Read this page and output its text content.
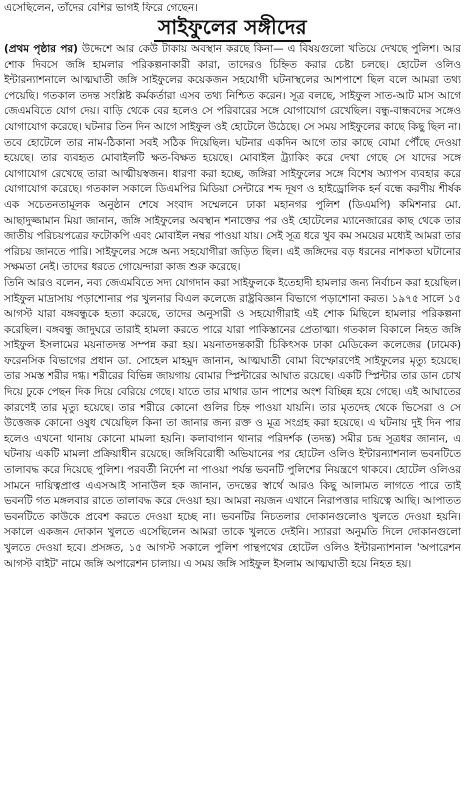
এসেছিলেন, তাঁদের বেশির ভাগই ফিরে গেছেন।
সাইফুলের সঙ্গীদের

(প্রথম পৃষ্ঠার পর) উদ্দেশে আর কেউ টাকায় অবস্থান করছে কিনা— এ বিষয়গুলো খতিয়ে দেখছে পুলিশ। আর শোক দিবসে জঙ্গি হামলার পরিকল্পনাকারী কারা, তাদেরও চিহ্নিত করার চেষ্টা চলছে। হোটেল ওলিও ইন্টারন্যাশনালে আত্মঘাতী জঙ্গি সাইফুলের কয়েকজন সহযোগী ঘটনাস্থলের আশপাশে ছিল বলে আমরা তথ্য পেয়েছি। গতকাল তদন্ত সংশ্লিষ্ট কর্মকর্তারা এসব তথ্য নিশ্চিত করেন। সূত্র বলছে, সাইফুল সাত-আট মাস আগে জেএমবিতে যোগ দেয়। বাড়ি থেকে বের হলেও সে পরিবারের সঙ্গে যোগাযোগ রেখেছিল। বন্ধু-বান্ধবদের সঙ্গেও যোগাযোগ করেছে। ঘটনার তিন দিন আগে সাইফুল ওই হোটেলে উঠেছে। সে সময় সাইফুলের কাছে কিছু ছিল না। তবে হোটেলে তার নাম-ঠিকানা সবই সঠিক দিয়েছিল। ঘটনার একদিন আগে তার কাছে বোমা পৌঁছে দেওয়া হয়েছে। তার ব্যবহৃত মোবাইলটি ক্ষত-বিক্ষত হয়েছে। মোবাইল ট্র্যাকিং করে দেখা গেছে সে যাদের সঙ্গে যোগাযোগ রেখেছে তারা আত্মীয়স্বজন। ধারণা করা হচ্ছে, জঙ্গিরা সাইফুলের সঙ্গে বিশেষ অ্যাপস ব্যবহার করে যোগাযোগ করেছে। গতকাল সকালে ডিএমপির মিডিয়া সেন্টারে শব্দ দূষণ ও হাইড্রোলিক হর্ন বন্ধে করণীয় শীর্ষক এক সচেতনতামূলক অনুষ্ঠান শেষে সংবাদ সম্মেলনে ঢাকা মহানগর পুলিশ (ডিএমপি) কমিশনার মো. আছাদুজ্জামান মিয়া জানান, জঙ্গি সাইফুলের অবস্থান শনাক্তের পর ওই হোটেলের ম্যানেজারের কাছ থেকে তার জাতীয় পরিচয়পত্রের ফটোকপি এবং মোবাইল নম্বর পাওয়া যায়। সেই সূত্র ধরে খুব কম সময়ের মধ্যেই আমরা তার পরিচয় জানতে পারি। সাইফুলের সঙ্গে অন্য সহযোগীরা জড়িত ছিল। এই জঙ্গিদের বড় ধরনের নাশকতা ঘটানোর সক্ষমতা নেই। তাদের ধরতে গোয়েন্দারা কাজ শুরু করেছে।

তিনি আরও বলেন, নব্য জেএমবিতে সদ্য যোগদান করা সাইফুলকে ইতেহাদী হামলার জন্য নির্বাচন করা হয়েছিল। সাইফুল মাদ্রাসায় পড়াশোনার পর খুলনার বিএল কলেজে রাষ্ট্রবিজ্ঞান বিভাগে পড়াশোনা করত। ১৯৭৫ সালে ১৫ আগস্ট যারা বঙ্গবন্ধুকে হত্যা করেছে, তাদের অনুসারী ও সহযোগীরাই এই শোক মিছিলে হামলার পরিকল্পনা করেছিল। বঙ্গবন্ধু জাদুঘরে তারাই হামলা করতে পারে যারা পাকিস্তানের প্রেতাত্মা। গতকাল বিকালে নিহত জঙ্গি সাইফুল ইসলামের ময়নাতদন্ত সম্পন্ন করা হয়। ময়নাতদন্তকারী চিকিৎসক ঢাকা মেডিকেল কলেজের (ঢামেক) ফরেনসিক বিভাগের প্রধান ডা. সোহেল মাহমুদ জানান, আত্মঘাতী বোমা বিস্ফোরণেই সাইফুলের মৃত্যু হয়েছে। তার সমস্ত শরীর দগ্ধ। শরীরের বিভিন্ন জায়গায় বোমার স্প্লিন্টারের আঘাত রয়েছে। একটি স্প্লিন্টার তার ডান চোখ দিয়ে ঢুকে পেছন দিক দিয়ে বেরিয়ে গেছে। যাতে তার মাথার ডান পাশের অংশ বিচ্ছিন্ন হয়ে গেছে। এই আঘাতের কারণেই তার মৃত্যু হয়েছে। তার শরীরে কোনো গুলির চিহ্ন পাওয়া যায়নি। তার মৃতদেহ থেকে ভিসেরা ও সে উত্তেজক কোনো ওষুধ খেয়েছিল কিনা তা জানার জন্য রক্ত ও মূত্র সংগ্রহ করা হয়েছে। এ ঘটনায় দুই দিন পার হলেও এখনো থানায় কোনো মামলা হয়নি। কলাবাগান থানার পরিদর্শক (তদন্ত) সমীর চন্দ্র সূত্রধর জানান, এ ঘটনায় একটি মামলা প্রক্রিয়াধীন রয়েছে। জঙ্গিবিরোধী অভিযানের পর হোটেল ওলিও ইন্টারন্যাশনাল ভবনটিতে তালাবদ্ধ করে দিয়েছে পুলিশ। পরবর্তী নির্দেশ না পাওয়া পর্যন্ত ভবনটি পুলিশের নিয়ন্ত্রণে থাকবে। হোটেল ওলিওর সামনে দায়িত্বপ্রাপ্ত এএসআই সানাউল হক জানান, তদন্তের স্বার্থে আরও কিছু আলামত লাগতে পারে তাই ভবনটি গত মঙ্গলবার রাতে তালাবদ্ধ করে দেওয়া হয়। আমরা নয়জন এখানে নিরাপত্তার দায়িত্বে আছি। আপাতত ভবনটিতে কাউকে প্রবেশ করতে দেওয়া হচ্ছে না। ভবনটির নিচতলার দোকানগুলোও খুলতে দেওয়া হয়নি। সকালে একজন দোকান খুলতে এসেছিলেন আমরা তাকে খুলতে দেইনি। স্যাররা অনুমতি দিলে দোকানগুলো খুলতে দেওয়া হবে। প্রসঙ্গত, ১৫ আগস্ট সকালে পুলিশ পান্থপথের হোটেল ওলিও ইন্টারন্যাশনাল 'অপারেশন আগস্ট বাইট' নামে জঙ্গি অপারেশন চালায়। এ সময় জঙ্গি সাইফুল ইসলাম আত্মঘাতী হয়ে নিহত হয়।
